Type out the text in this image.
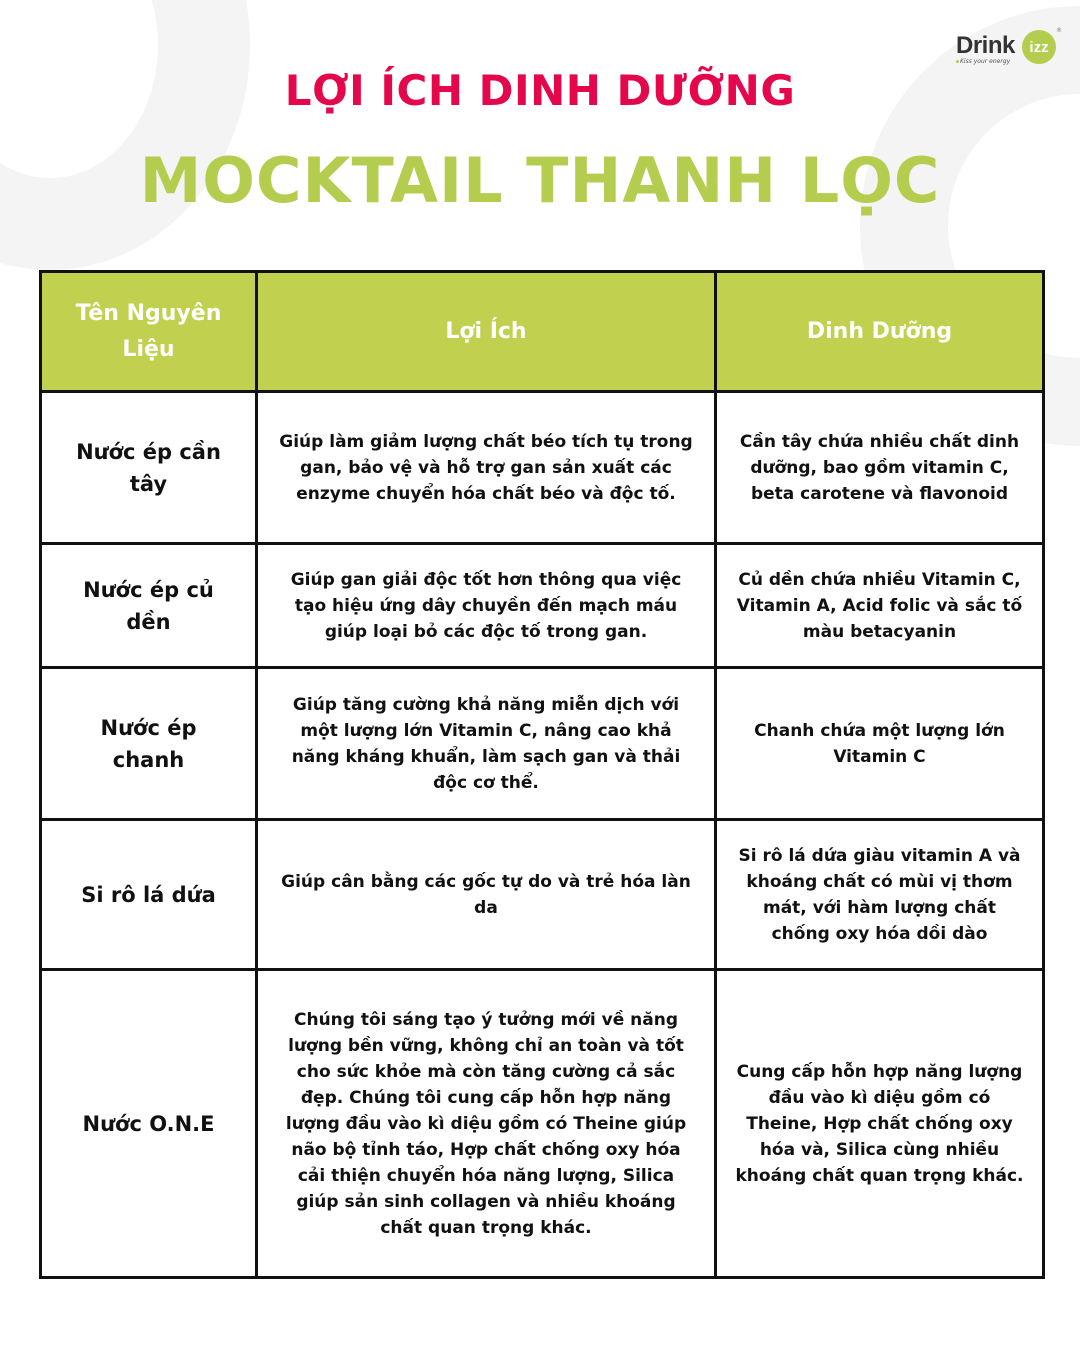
Drink izz
®
Kiss your energy
LỢI ÍCH DINH DƯỠNG
MOCKTAIL THANH LỌC
Tên Nguyên Liệu	Lợi Ích	Dinh Dưỡng
Nước ép cần tây	Giúp làm giảm lượng chất béo tích tụ trong gan, bảo vệ và hỗ trợ gan sản xuất các enzyme chuyển hóa chất béo và độc tố.	Cần tây chứa nhiều chất dinh dưỡng, bao gồm vitamin C, beta carotene và flavonoid
Nước ép củ dền	Giúp gan giải độc tốt hơn thông qua việc tạo hiệu ứng dây chuyền đến mạch máu giúp loại bỏ các độc tố trong gan.	Củ dền chứa nhiều Vitamin C, Vitamin A, Acid folic và sắc tố màu betacyanin
Nước ép chanh	Giúp tăng cường khả năng miễn dịch với một lượng lớn Vitamin C, nâng cao khả năng kháng khuẩn, làm sạch gan và thải độc cơ thể.	Chanh chứa một lượng lớn Vitamin C
Si rô lá dứa	Giúp cân bằng các gốc tự do và trẻ hóa làn da	Si rô lá dứa giàu vitamin A và khoáng chất có mùi vị thơm mát, với hàm lượng chất chống oxy hóa dồi dào
Nước O.N.E	Chúng tôi sáng tạo ý tưởng mới về năng lượng bền vững, không chỉ an toàn và tốt cho sức khỏe mà còn tăng cường cả sắc đẹp. Chúng tôi cung cấp hỗn hợp năng lượng đầu vào kì diệu gồm có Theine giúp não bộ tỉnh táo, Hợp chất chống oxy hóa cải thiện chuyển hóa năng lượng, Silica giúp sản sinh collagen và nhiều khoáng chất quan trọng khác.	Cung cấp hỗn hợp năng lượng đầu vào kì diệu gồm có Theine, Hợp chất chống oxy hóa và, Silica cùng nhiều khoáng chất quan trọng khác.
